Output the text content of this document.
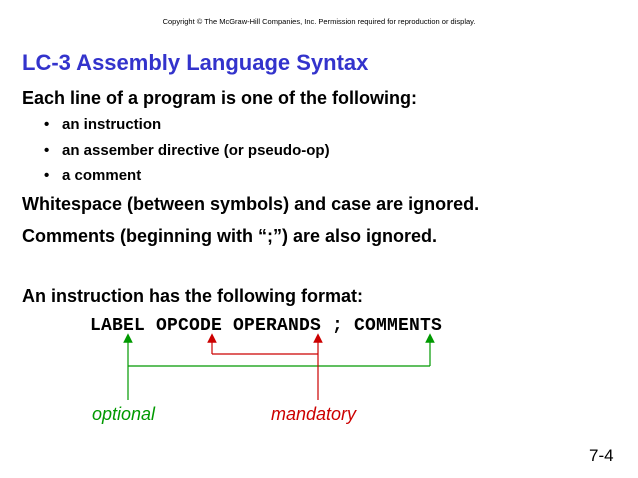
Copyright © The McGraw-Hill Companies, Inc. Permission required for reproduction or display.
LC-3 Assembly Language Syntax
Each line of a program is one of the following:
• an instruction
• an assember directive (or pseudo-op)
• a comment
Whitespace (between symbols) and case are ignored.
Comments (beginning with “;”) are also ignored.
An instruction has the following format:
LABEL OPCODE OPERANDS ; COMMENTS
optional	mandatory
7-4
